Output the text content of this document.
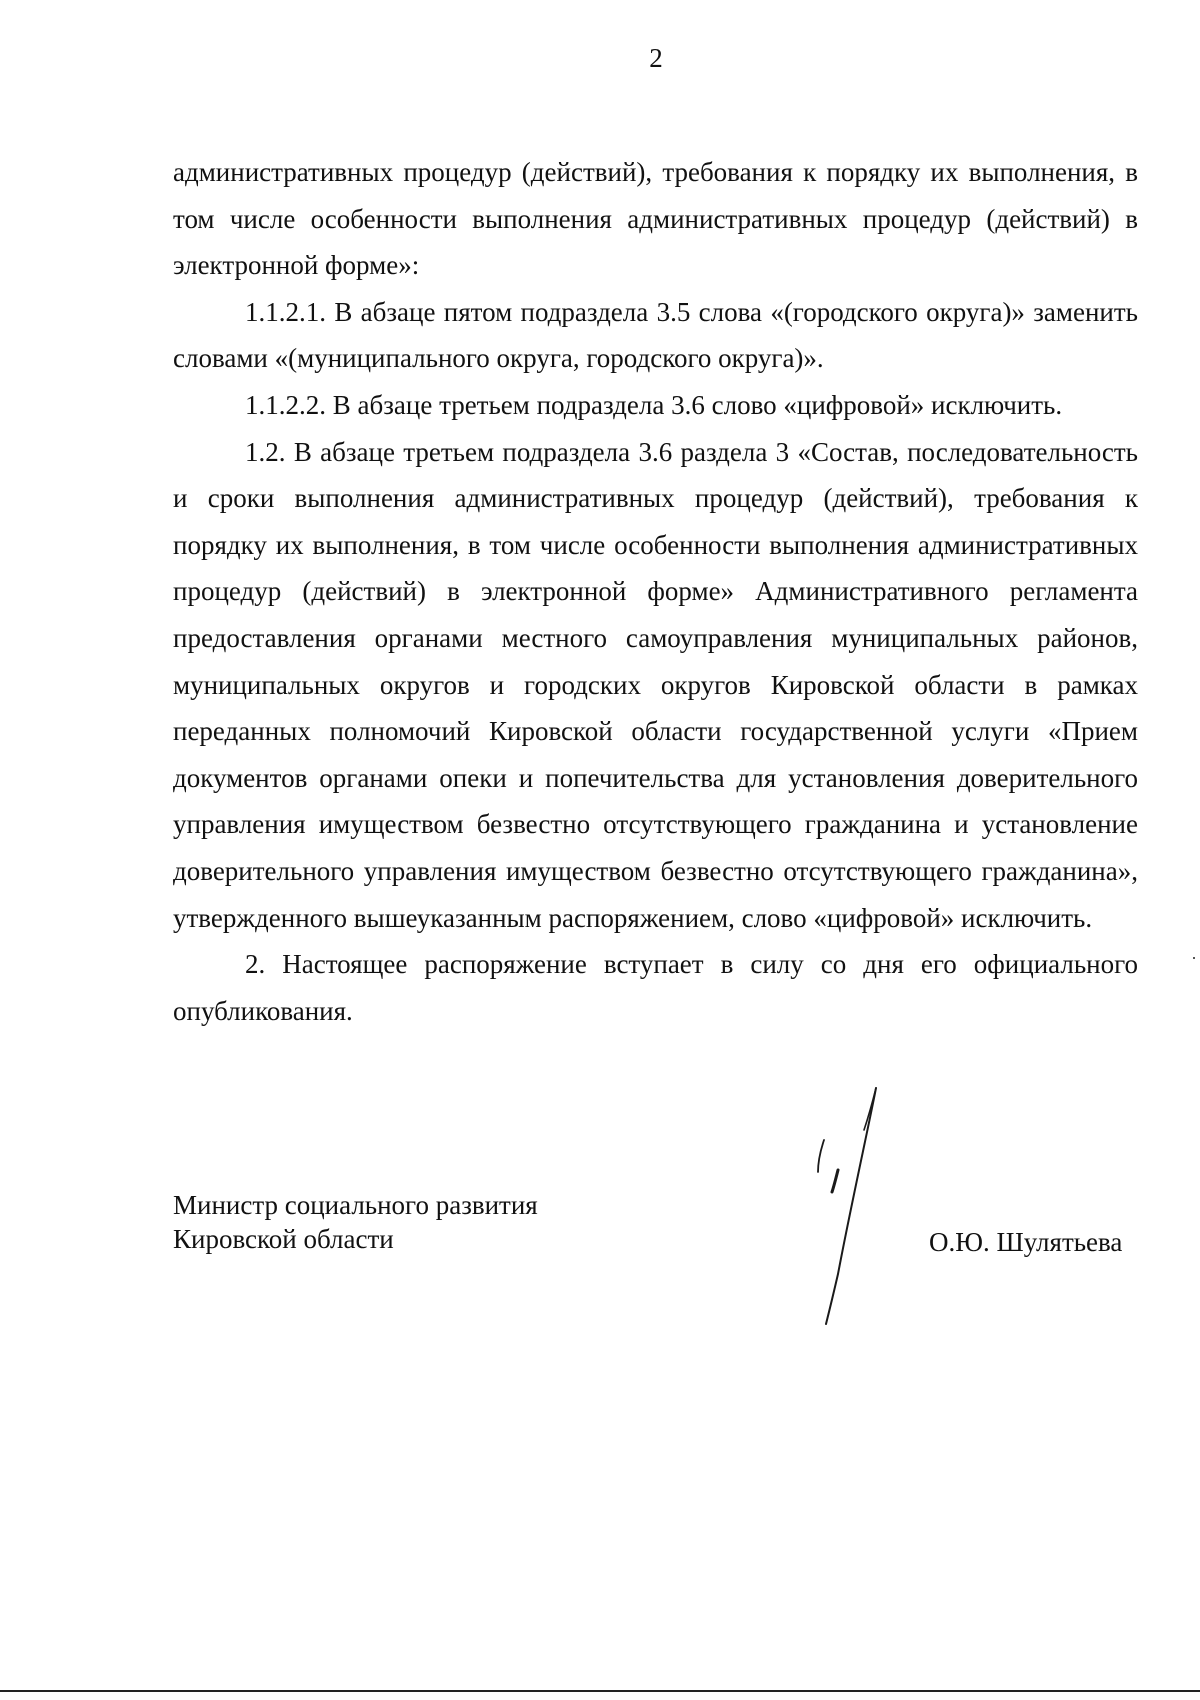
2

административных процедур (действий), требования к порядку их выполнения, в том числе особенности выполнения административных процедур (действий) в электронной форме»:

1.1.2.1. В абзаце пятом подраздела 3.5 слова «(городского округа)» заменить словами «(муниципального округа, городского округа)».

1.1.2.2. В абзаце третьем подраздела 3.6 слово «цифровой» исключить.

1.2. В абзаце третьем подраздела 3.6 раздела 3 «Состав, последовательность и сроки выполнения административных процедур (действий), требования к порядку их выполнения, в том числе особенности выполнения административных процедур (действий) в электронной форме» Административного регламента предоставления органами местного самоуправления муниципальных районов, муниципальных округов и городских округов Кировской области в рамках переданных полномочий Кировской области государственной услуги «Прием документов органами опеки и попечительства для установления доверительного управления имуществом безвестно отсутствующего гражданина и установление доверительного управления имуществом безвестно отсутствующего гражданина», утвержденного вышеуказанным распоряжением, слово «цифровой» исключить.

2. Настоящее распоряжение вступает в силу со дня его официального опубликования.

Министр социального развития
Кировской области	О.Ю. Шулятьева
